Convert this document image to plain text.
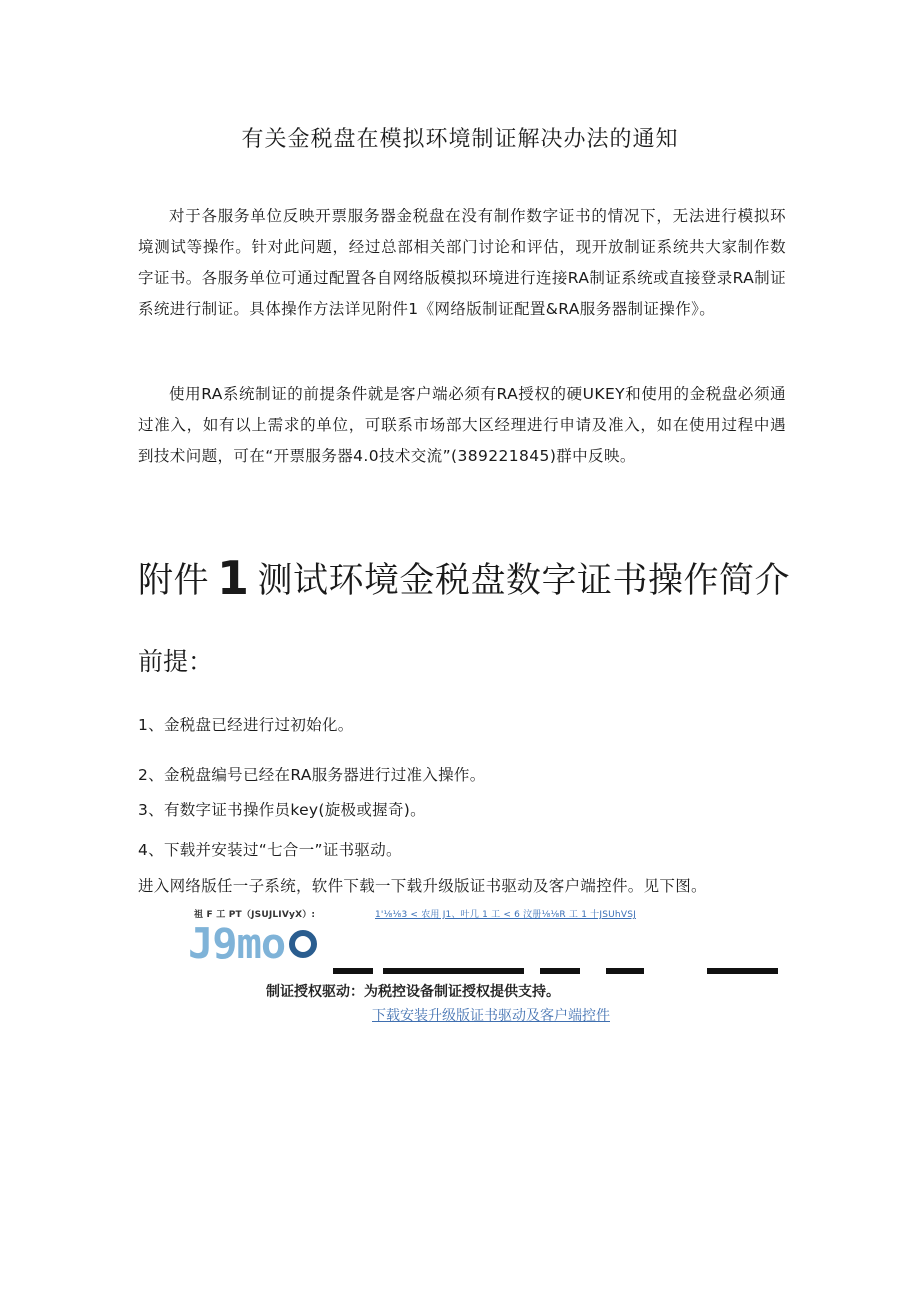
有关金税盘在模拟环境制证解决办法的通知

对于各服务单位反映开票服务器金税盘在没有制作数字证书的情况下，无法进行模拟环境测试等操作。针对此问题，经过总部相关部门讨论和评估，现开放制证系统共大家制作数字证书。各服务单位可通过配置各自网络版模拟环境进行连接RA制证系统或直接登录RA制证系统进行制证。具体操作方法详见附件1《网络版制证配置&RA服务器制证操作》。

使用RA系统制证的前提条件就是客户端必须有RA授权的硬UKEY和使用的金税盘必须通过准入，如有以上需求的单位，可联系市场部大区经理进行申请及准入，如在使用过程中遇到技术问题，可在“开票服务器4.0技术交流”(389221845)群中反映。

附件 1 测试环境金税盘数字证书操作简介
前提：
1、金税盘已经进行过初始化。
2、金税盘编号已经在RA服务器进行过准入操作。
3、有数字证书操作员key(旋极或握奇)。
4、下载并安装过“七合一”证书驱动。
进入网络版任一子系统，软件下载一下载升级版证书驱动及客户端控件。见下图。
祖 F 工 PT（JSUJLIVyX）:	1'⅛⅛3 < 农用 J1、叶几 1 工 < 6 汶册⅛⅛R 工 1 十JSUhVSJ
J9mo
制证授权驱动：为税控设备制证授权提供支持。
下载安装升级版证书驱动及客户端控件
